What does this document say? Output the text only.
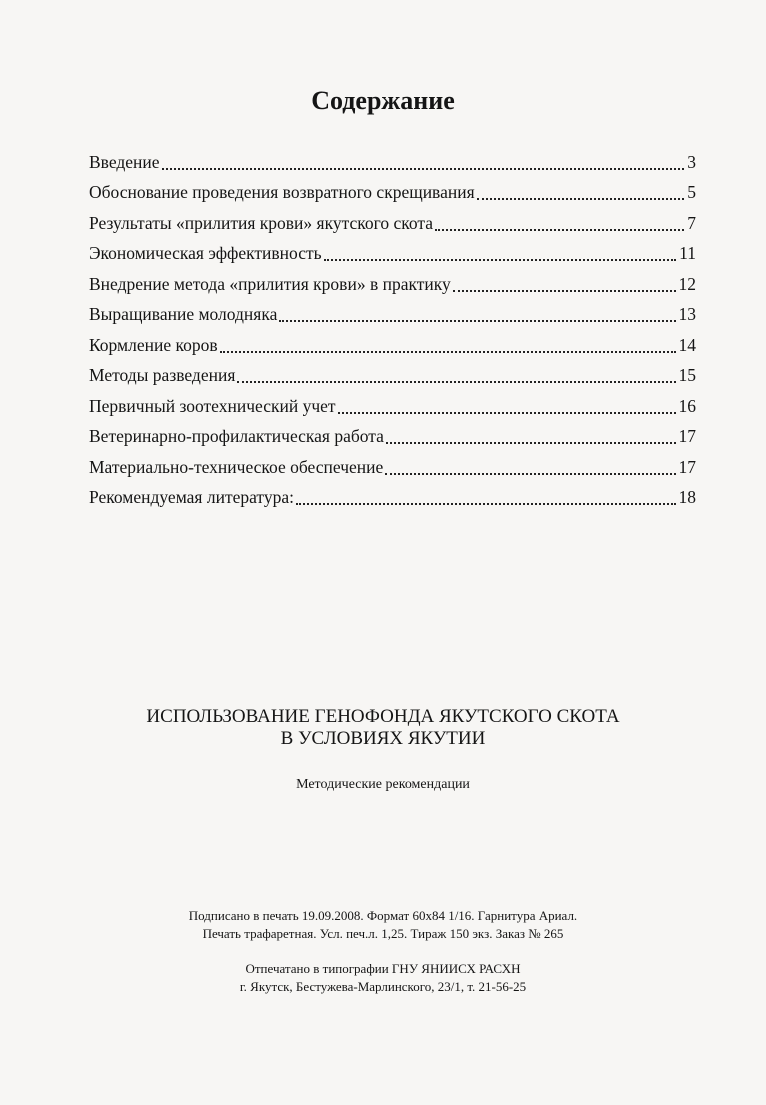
Содержание
Введение	3
Обоснование проведения возвратного скрещивания	5
Результаты «прилития крови» якутского скота	7
Экономическая эффективность	11
Внедрение метода «прилития крови» в практику	12
Выращивание молодняка	13
Кормление коров	14
Методы разведения	15
Первичный зоотехнический учет	16
Ветеринарно-профилактическая работа	17
Материально-техническое обеспечение	17
Рекомендуемая литература:	18
ИСПОЛЬЗОВАНИЕ ГЕНОФОНДА ЯКУТСКОГО СКОТА
В УСЛОВИЯХ ЯКУТИИ
Методические рекомендации
Подписано в печать 19.09.2008. Формат 60x84 1/16. Гарнитура Ариал.
Печать трафаретная. Усл. печ.л. 1,25. Тираж 150 экз. Заказ № 265
Отпечатано в типографии ГНУ ЯНИИСХ РАСХН
г. Якутск, Бестужева-Марлинского, 23/1, т. 21-56-25
